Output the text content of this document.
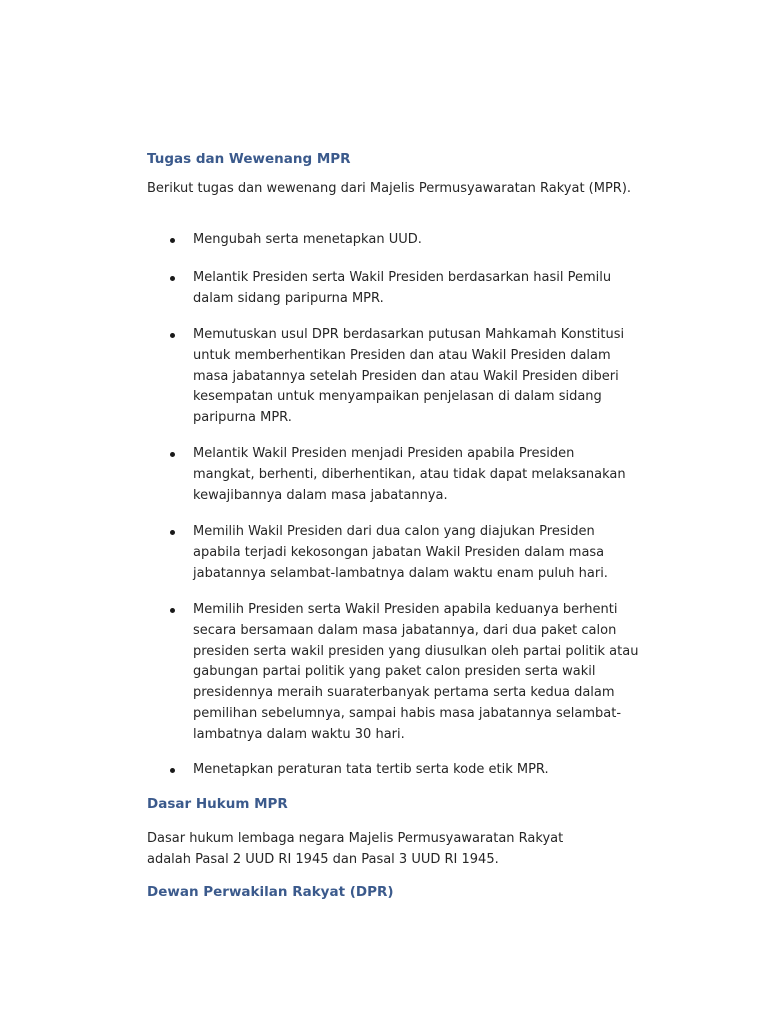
Tugas dan Wewenang MPR
Berikut tugas dan wewenang dari Majelis Permusyawaratan Rakyat (MPR).
Mengubah serta menetapkan UUD.
Melantik Presiden serta Wakil Presiden berdasarkan hasil Pemilu
dalam sidang paripurna MPR.
Memutuskan usul DPR berdasarkan putusan Mahkamah Konstitusi
untuk memberhentikan Presiden dan atau Wakil Presiden dalam
masa jabatannya setelah Presiden dan atau Wakil Presiden diberi
kesempatan untuk menyampaikan penjelasan di dalam sidang
paripurna MPR.
Melantik Wakil Presiden menjadi Presiden apabila Presiden
mangkat, berhenti, diberhentikan, atau tidak dapat melaksanakan
kewajibannya dalam masa jabatannya.
Memilih Wakil Presiden dari dua calon yang diajukan Presiden
apabila terjadi kekosongan jabatan Wakil Presiden dalam masa
jabatannya selambat-lambatnya dalam waktu enam puluh hari.
Memilih Presiden serta Wakil Presiden apabila keduanya berhenti
secara bersamaan dalam masa jabatannya, dari dua paket calon
presiden serta wakil presiden yang diusulkan oleh partai politik atau
gabungan partai politik yang paket calon presiden serta wakil
presidennya meraih suaraterbanyak pertama serta kedua dalam
pemilihan sebelumnya, sampai habis masa jabatannya selambat-
lambatnya dalam waktu 30 hari.
Menetapkan peraturan tata tertib serta kode etik MPR.
Dasar Hukum MPR
Dasar hukum lembaga negara Majelis Permusyawaratan Rakyat
adalah Pasal 2 UUD RI 1945 dan Pasal 3 UUD RI 1945.
Dewan Perwakilan Rakyat (DPR)
